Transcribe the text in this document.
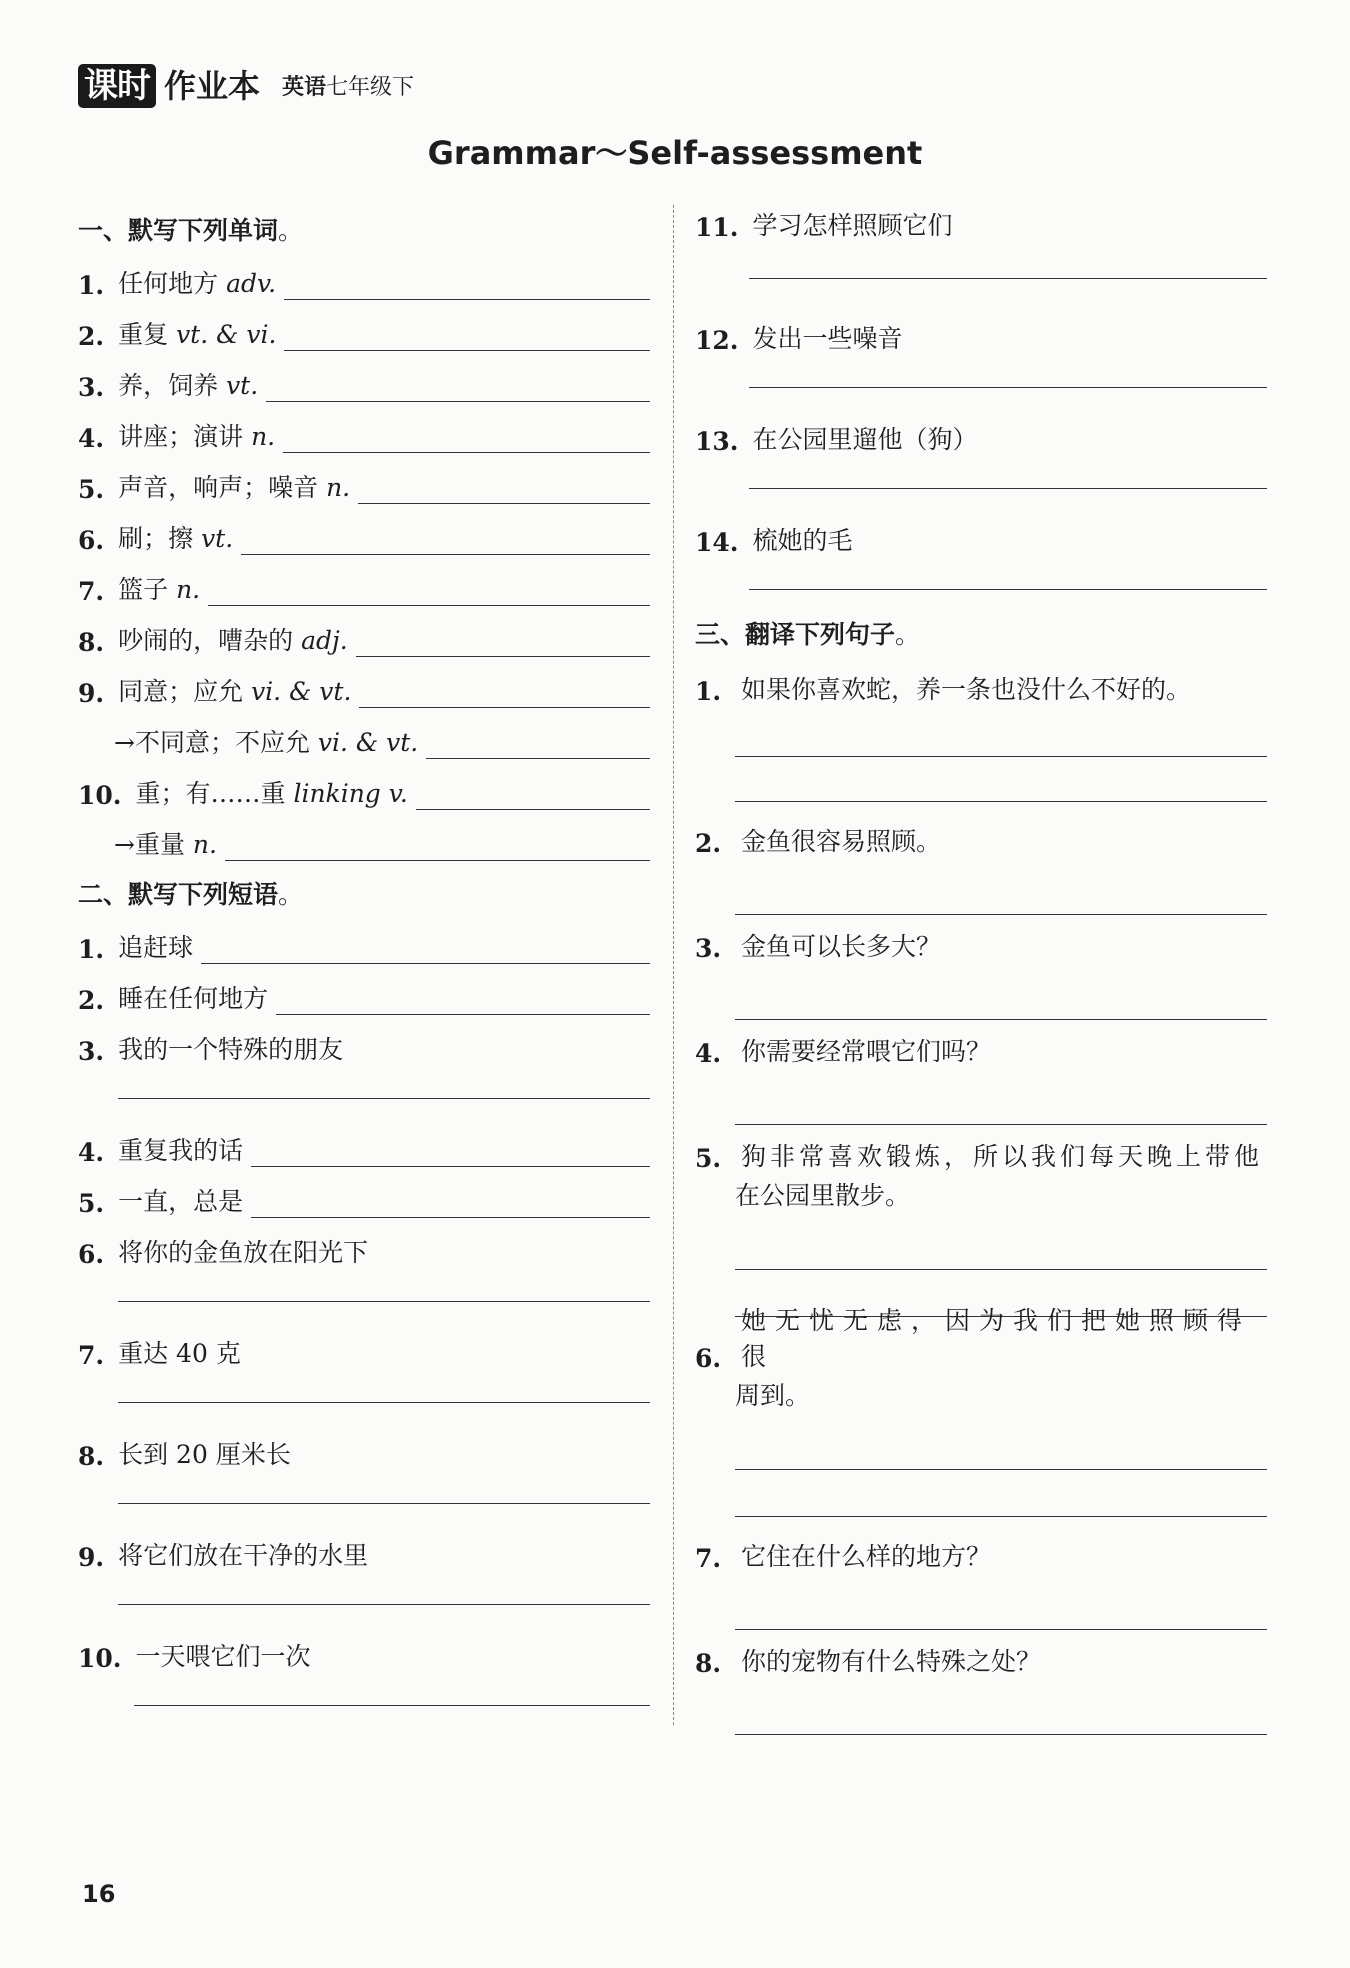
课时 作业本 英语七年级下
Grammar～Self-assessment
一、默写下列单词。
1. 任何地方 adv.
2. 重复 vt. & vi.
3. 养，饲养 vt.
4. 讲座；演讲 n.
5. 声音，响声；噪音 n.
6. 刷；擦 vt.
7. 篮子 n.
8. 吵闹的，嘈杂的 adj.
9. 同意；应允 vi. & vt.
→不同意；不应允 vi. & vt.
10. 重；有……重 linking v.
→重量 n.
二、默写下列短语。
1. 追赶球
2. 睡在任何地方
3. 我的一个特殊的朋友
4. 重复我的话
5. 一直，总是
6. 将你的金鱼放在阳光下
7. 重达 40 克
8. 长到 20 厘米长
9. 将它们放在干净的水里
10. 一天喂它们一次
11. 学习怎样照顾它们
12. 发出一些噪音
13. 在公园里遛他（狗）
14. 梳她的毛
三、翻译下列句子。
1. 如果你喜欢蛇，养一条也没什么不好的。
2. 金鱼很容易照顾。
3. 金鱼可以长多大？
4. 你需要经常喂它们吗？
5. 狗非常喜欢锻炼，所以我们每天晚上带他
在公园里散步。
6.
她无忧无虑，因为我们把她照顾得很
周到。
7. 它住在什么样的地方？
8. 你的宠物有什么特殊之处？
16
